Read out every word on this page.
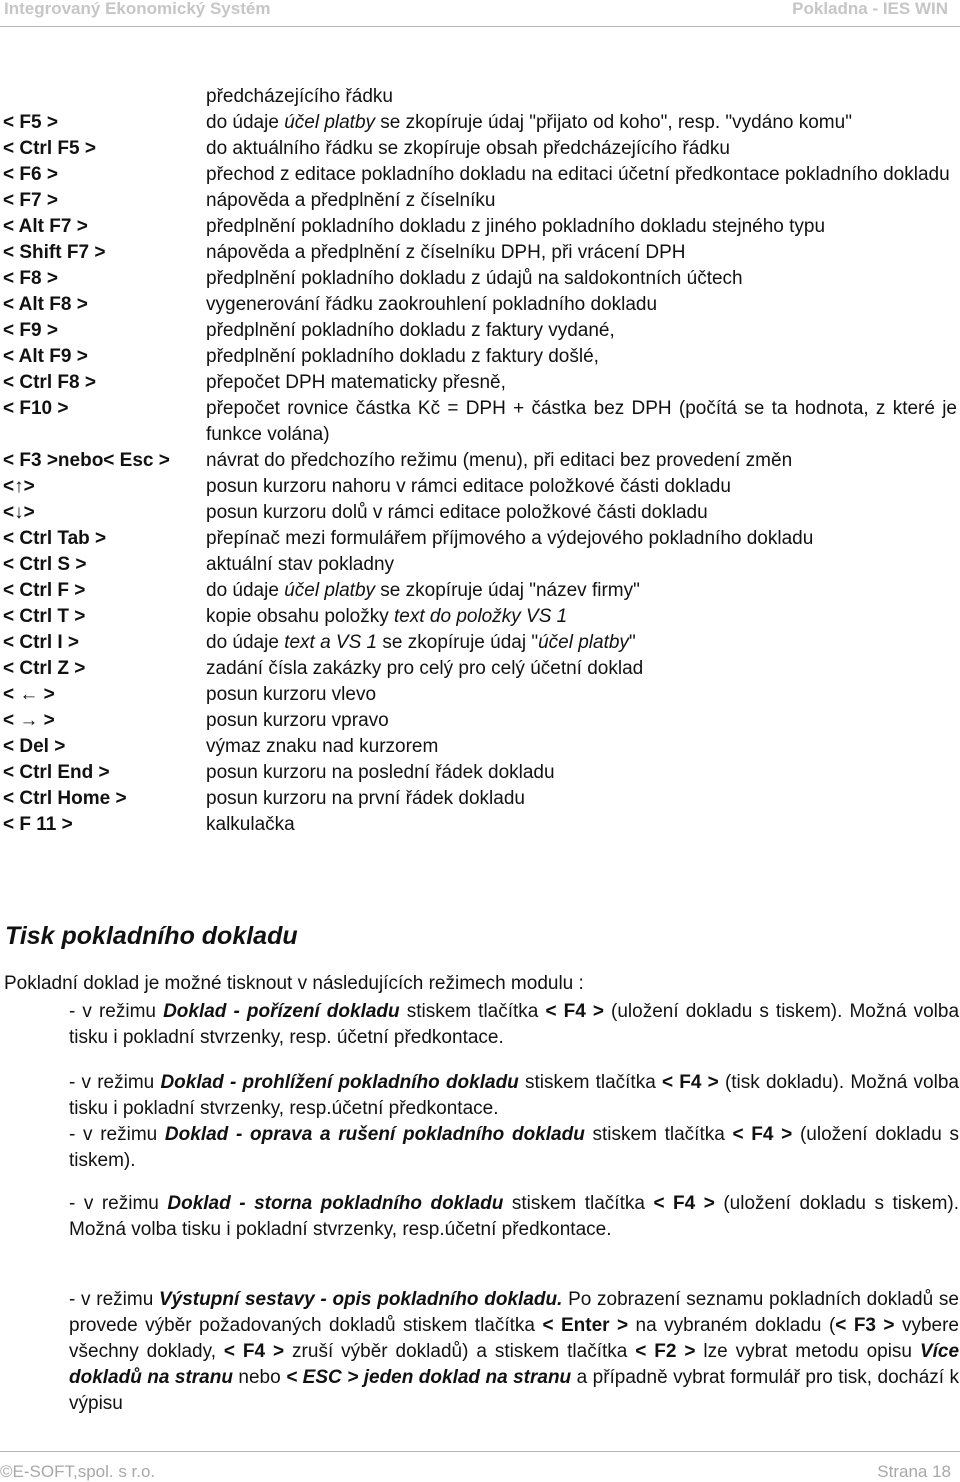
Integrovaný Ekonomický Systém	Pokladna - IES WIN
předcházejícího řádku
< F5 >	do údaje účel platby se zkopíruje údaj "přijato od koho", resp. "vydáno komu"
< Ctrl F5 >	do aktuálního řádku se zkopíruje obsah předcházejícího řádku
< F6 >	přechod z editace pokladního dokladu na editaci účetní předkontace pokladního dokladu
< F7 >	nápověda a předplnění z číselníku
< Alt F7 >	předplnění pokladního dokladu z jiného pokladního dokladu stejného typu
< Shift F7 >	nápověda a předplnění z číselníku DPH, při vrácení DPH
< F8 >	předplnění pokladního dokladu z údajů na saldokontních účtech
< Alt F8 >	vygenerování řádku zaokrouhlení pokladního dokladu
< F9 >	předplnění pokladního dokladu z faktury vydané,
< Alt F9 >	předplnění pokladního dokladu z faktury došlé,
< Ctrl F8 >	přepočet DPH matematicky přesně,
< F10 >	přepočet rovnice částka Kč = DPH + částka bez DPH (počítá se ta hodnota, z které je funkce volána)
< F3 >nebo< Esc >	návrat do předchozího režimu (menu), při editaci bez provedení změn
<↑>	posun kurzoru nahoru v rámci editace položkové části dokladu
<↓>	posun kurzoru dolů v rámci editace položkové části dokladu
< Ctrl Tab >	přepínač mezi formulářem příjmového a výdejového pokladního dokladu
< Ctrl S >	aktuální stav pokladny
< Ctrl F >	do údaje účel platby se zkopíruje údaj "název firmy"
< Ctrl T >	kopie obsahu položky text do položky VS 1
< Ctrl I >	do údaje text a VS 1 se zkopíruje údaj "účel platby"
< Ctrl Z >	zadání čísla zakázky pro celý pro celý účetní doklad
< ← >	posun kurzoru vlevo
< → >	posun kurzoru vpravo
< Del >	výmaz znaku nad kurzorem
< Ctrl End >	posun kurzoru na poslední řádek dokladu
< Ctrl Home >	posun kurzoru na první řádek dokladu
< F 11 >	kalkulačka
Tisk pokladního dokladu
Pokladní doklad je možné tisknout v následujících režimech modulu :
- v režimu Doklad - pořízení dokladu stiskem tlačítka < F4 > (uložení dokladu s tiskem). Možná volba tisku i pokladní stvrzenky, resp. účetní předkontace.
- v režimu Doklad - prohlížení pokladního dokladu stiskem tlačítka < F4 > (tisk dokladu). Možná volba tisku i pokladní stvrzenky, resp.účetní předkontace.
- v režimu Doklad - oprava a rušení pokladního dokladu stiskem tlačítka < F4 > (uložení dokladu s tiskem).
- v režimu Doklad - storna pokladního dokladu stiskem tlačítka < F4 > (uložení dokladu s tiskem). Možná volba tisku i pokladní stvrzenky, resp.účetní předkontace.
- v režimu Výstupní sestavy - opis pokladního dokladu. Po zobrazení seznamu pokladních dokladů se provede výběr požadovaných dokladů stiskem tlačítka < Enter > na vybraném dokladu (< F3 > vybere všechny doklady, < F4 > zruší výběr dokladů) a stiskem tlačítka < F2 > lze vybrat metodu opisu Více dokladů na stranu nebo < ESC > jeden doklad na stranu a případně vybrat formulář pro tisk, dochází k výpisu
©E-SOFT,spol. s r.o.	Strana 18
